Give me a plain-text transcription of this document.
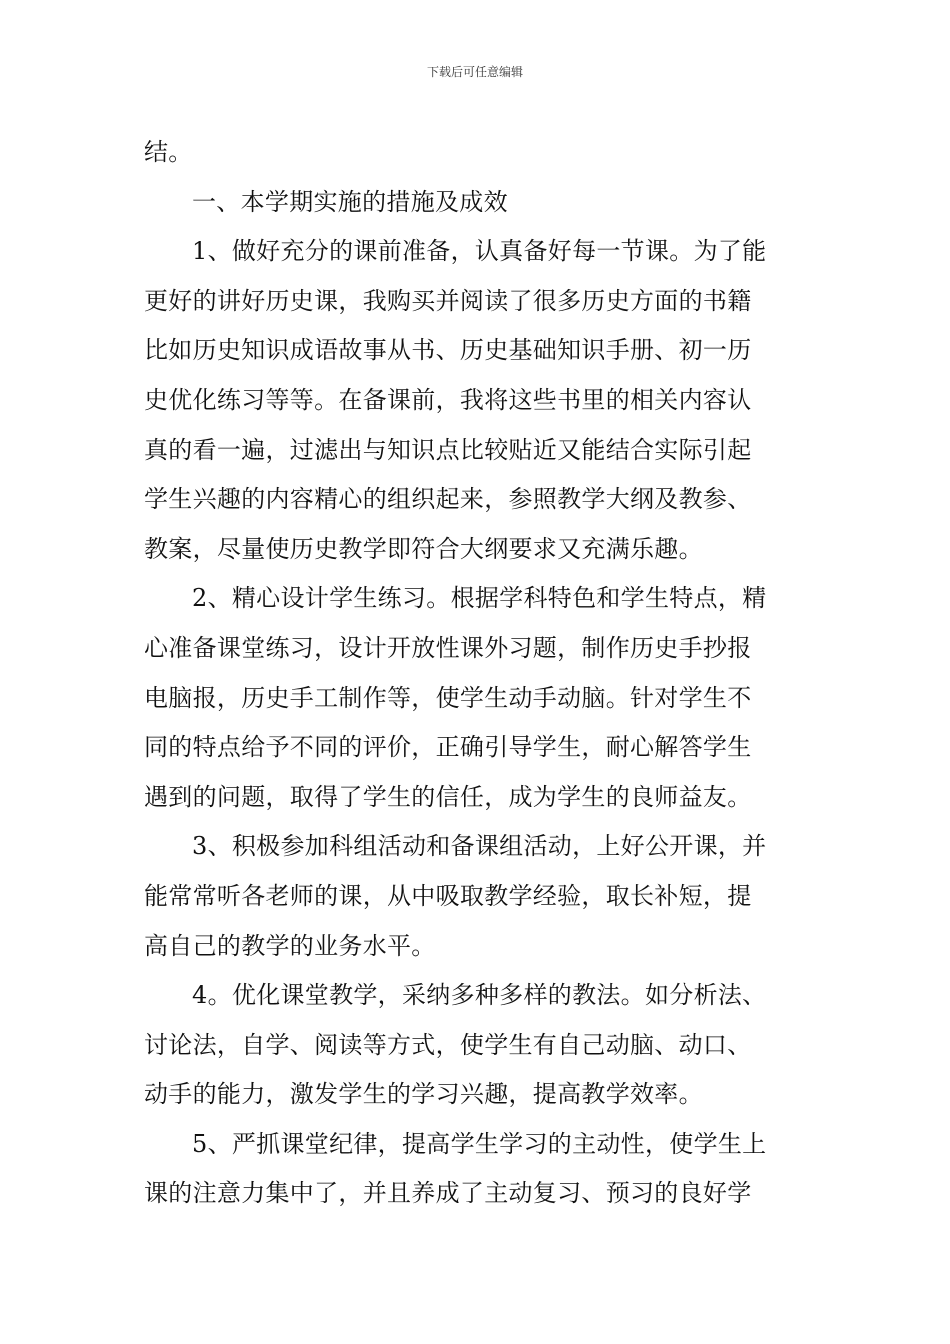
下载后可任意编辑
结。
一、本学期实施的措施及成效
1、做好充分的课前准备，认真备好每一节课。为了能
更好的讲好历史课，我购买并阅读了很多历史方面的书籍
比如历史知识成语故事从书、历史基础知识手册、初一历
史优化练习等等。在备课前，我将这些书里的相关内容认
真的看一遍，过滤出与知识点比较贴近又能结合实际引起
学生兴趣的内容精心的组织起来，参照教学大纲及教参、
教案，尽量使历史教学即符合大纲要求又充满乐趣。
2、精心设计学生练习。根据学科特色和学生特点，精
心准备课堂练习，设计开放性课外习题，制作历史手抄报
电脑报，历史手工制作等，使学生动手动脑。针对学生不
同的特点给予不同的评价，正确引导学生，耐心解答学生
遇到的问题，取得了学生的信任，成为学生的良师益友。
3、积极参加科组活动和备课组活动，上好公开课，并
能常常听各老师的课，从中吸取教学经验，取长补短，提
高自己的教学的业务水平。
4。优化课堂教学，采纳多种多样的教法。如分析法、
讨论法，自学、阅读等方式，使学生有自己动脑、动口、
动手的能力，激发学生的学习兴趣，提高教学效率。
5、严抓课堂纪律，提高学生学习的主动性，使学生上
课的注意力集中了，并且养成了主动复习、预习的良好学
